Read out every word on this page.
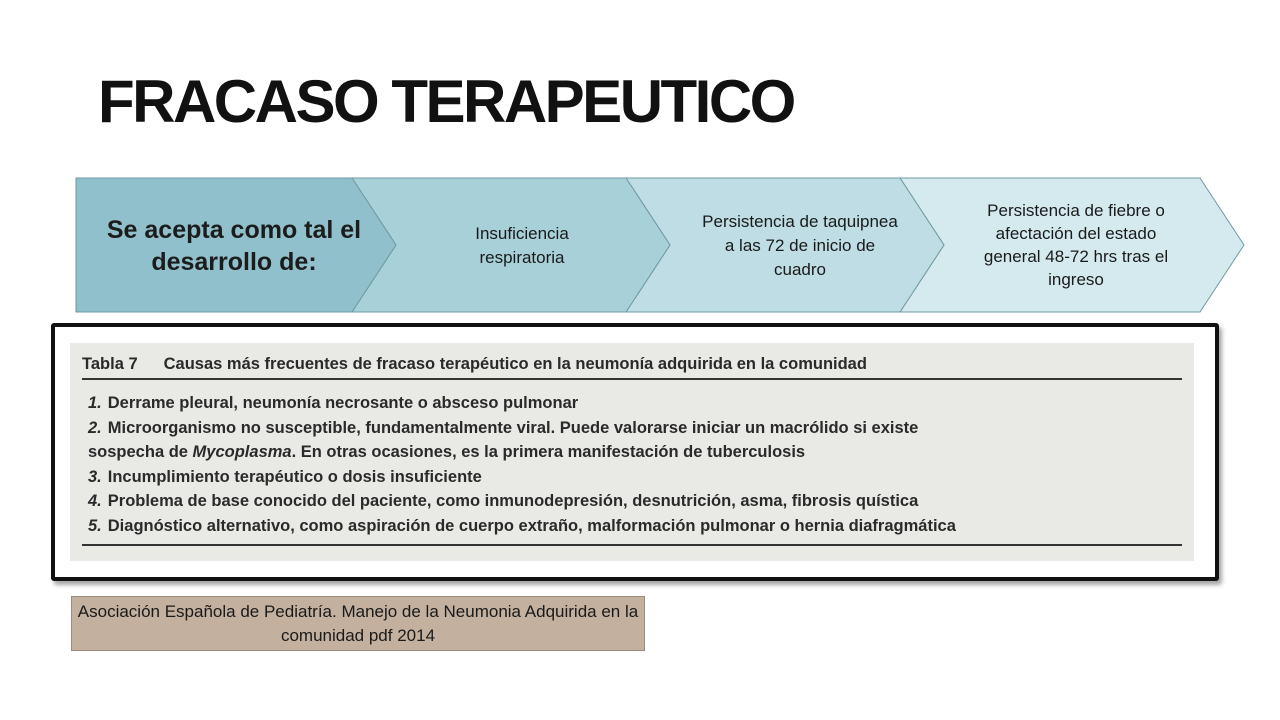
FRACASO TERAPEUTICO
Se acepta como tal el desarrollo de:
Insuficiencia respiratoria
Persistencia de taquipnea a las 72 de inicio de cuadro
Persistencia de fiebre o afectación del estado general 48-72 hrs tras el ingreso
Tabla 7 Causas más frecuentes de fracaso terapéutico en la neumonía adquirida en la comunidad
1. Derrame pleural, neumonía necrosante o absceso pulmonar
2. Microorganismo no susceptible, fundamentalmente viral. Puede valorarse iniciar un macrólido si existe
sospecha de Mycoplasma. En otras ocasiones, es la primera manifestación de tuberculosis
3. Incumplimiento terapéutico o dosis insuficiente
4. Problema de base conocido del paciente, como inmunodepresión, desnutrición, asma, fibrosis quística
5. Diagnóstico alternativo, como aspiración de cuerpo extraño, malformación pulmonar o hernia diafragmática
Asociación Española de Pediatría. Manejo de la Neumonia Adquirida en la comunidad pdf 2014
